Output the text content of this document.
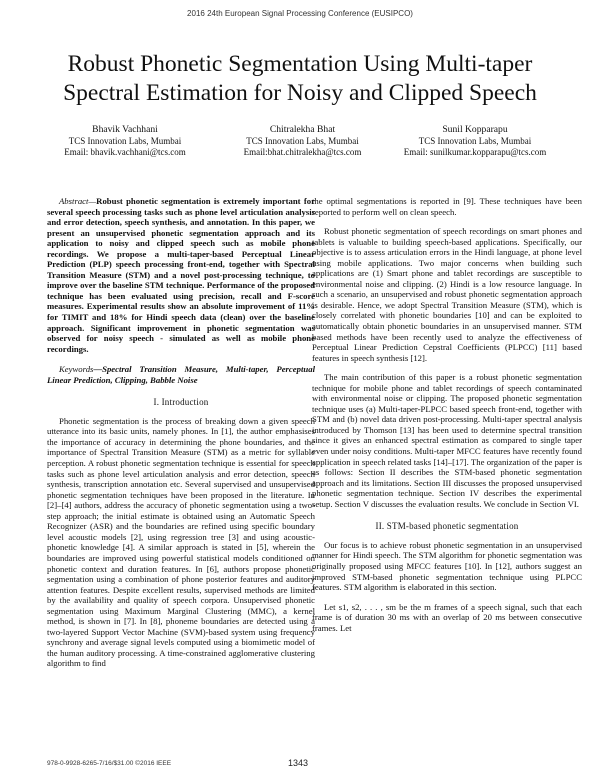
2016 24th European Signal Processing Conference (EUSIPCO)
Robust Phonetic Segmentation Using Multi-taper
Spectral Estimation for Noisy and Clipped Speech
Bhavik Vachhani
TCS Innovation Labs, Mumbai
Email: bhavik.vachhani@tcs.com
Chitralekha Bhat
TCS Innovation Labs, Mumbai
Email:bhat.chitralekha@tcs.com
Sunil Kopparapu
TCS Innovation Labs, Mumbai
Email: sunilkumar.kopparapu@tcs.com

Abstract—Robust phonetic segmentation is extremely important for several speech processing tasks such as phone level articulation analysis and error detection, speech synthesis, and annotation. In this paper, we present an unsupervised phonetic segmentation approach and its application to noisy and clipped speech such as mobile phone recordings. We propose a multi-taper-based Perceptual Linear Prediction (PLP) speech processing front-end, together with Spectral Transition Measure (STM) and a novel post-processing technique, to improve over the baseline STM technique. Performance of the proposed technique has been evaluated using precision, recall and F-score measures. Experimental results show an absolute improvement of 11% for TIMIT and 18% for Hindi speech data (clean) over the baseline approach. Significant improvement in phonetic segmentation was observed for noisy speech - simulated as well as mobile phone recordings.

Keywords—Spectral Transition Measure, Multi-taper, Perceptual Linear Prediction, Clipping, Babble Noise

I. Introduction

Phonetic segmentation is the process of breaking down a given speech utterance into its basic units, namely phones. In [1], the author emphasises the importance of accuracy in determining the phone boundaries, and the importance of Spectral Transition Measure (STM) as a metric for syllable perception. A robust phonetic segmentation technique is essential for speech tasks such as phone level articulation analysis and error detection, speech synthesis, transcription annotation etc. Several supervised and unsupervised phonetic segmentation techniques have been proposed in the literature. In [2]–[4] authors, address the accuracy of phonetic segmentation using a two-step approach; the initial estimate is obtained using an Automatic Speech Recognizer (ASR) and the boundaries are refined using specific boundary level acoustic models [2], using regression tree [3] and using acoustic-phonetic knowledge [4]. A similar approach is stated in [5], wherein the boundaries are improved using powerful statistical models conditioned on phonetic context and duration features. In [6], authors propose phonetic segmentation using a combination of phone posterior features and auditory attention features. Despite excellent results, supervised methods are limited by the availability and quality of speech corpora. Unsupervised phonetic segmentation using Maximum Marginal Clustering (MMC), a kernel method, is shown in [7]. In [8], phoneme boundaries are detected using a two-layered Support Vector Machine (SVM)-based system using frequency synchrony and average signal levels computed using a biomimetic model of the human auditory processing. A time-constrained agglomerative clustering algorithm to find

the optimal segmentations is reported in [9]. These techniques have been reported to perform well on clean speech.

Robust phonetic segmentation of speech recordings on smart phones and tablets is valuable to building speech-based applications. Specifically, our objective is to assess articulation errors in the Hindi language, at phone level using mobile applications. Two major concerns when building such applications are (1) Smart phone and tablet recordings are susceptible to environmental noise and clipping. (2) Hindi is a low resource language. In such a scenario, an unsupervised and robust phonetic segmentation approach is desirable. Hence, we adopt Spectral Transition Measure (STM), which is closely correlated with phonetic boundaries [10] and can be exploited to automatically obtain phonetic boundaries in an unsupervised manner. STM based methods have been recently used to analyze the effectiveness of Perceptual Linear Prediction Cepstral Coefficients (PLPCC) [11] based features in speech synthesis [12].

The main contribution of this paper is a robust phonetic segmentation technique for mobile phone and tablet recordings of speech contaminated with environmental noise or clipping. The proposed phonetic segmentation technique uses (a) Multi-taper-PLPCC based speech front-end, together with STM and (b) novel data driven post-processing. Multi-taper spectral analysis introduced by Thomson [13] has been used to determine spectral transition since it gives an enhanced spectral estimation as compared to single taper even under noisy conditions. Multi-taper MFCC features have recently found application in speech related tasks [14]–[17]. The organization of the paper is as follows: Section II describes the STM-based phonetic segmentation approach and its limitations. Section III discusses the proposed unsupervised phonetic segmentation technique. Section IV describes the experimental setup. Section V discusses the evaluation results. We conclude in Section VI.

II. STM-based phonetic segmentation

Our focus is to achieve robust phonetic segmentation in an unsupervised manner for Hindi speech. The STM algorithm for phonetic segmentation was originally proposed using MFCC features [10]. In [12], authors suggest an improved STM-based phonetic segmentation technique using PLPCC features. STM algorithm is elaborated in this section.

Let s1, s2, . . . , sm be the m frames of a speech signal, such that each frame is of duration 30 ms with an overlap of 20 ms between consecutive frames. Let

978-0-9928-6265-7/16/$31.00 ©2016 IEEE	1343
